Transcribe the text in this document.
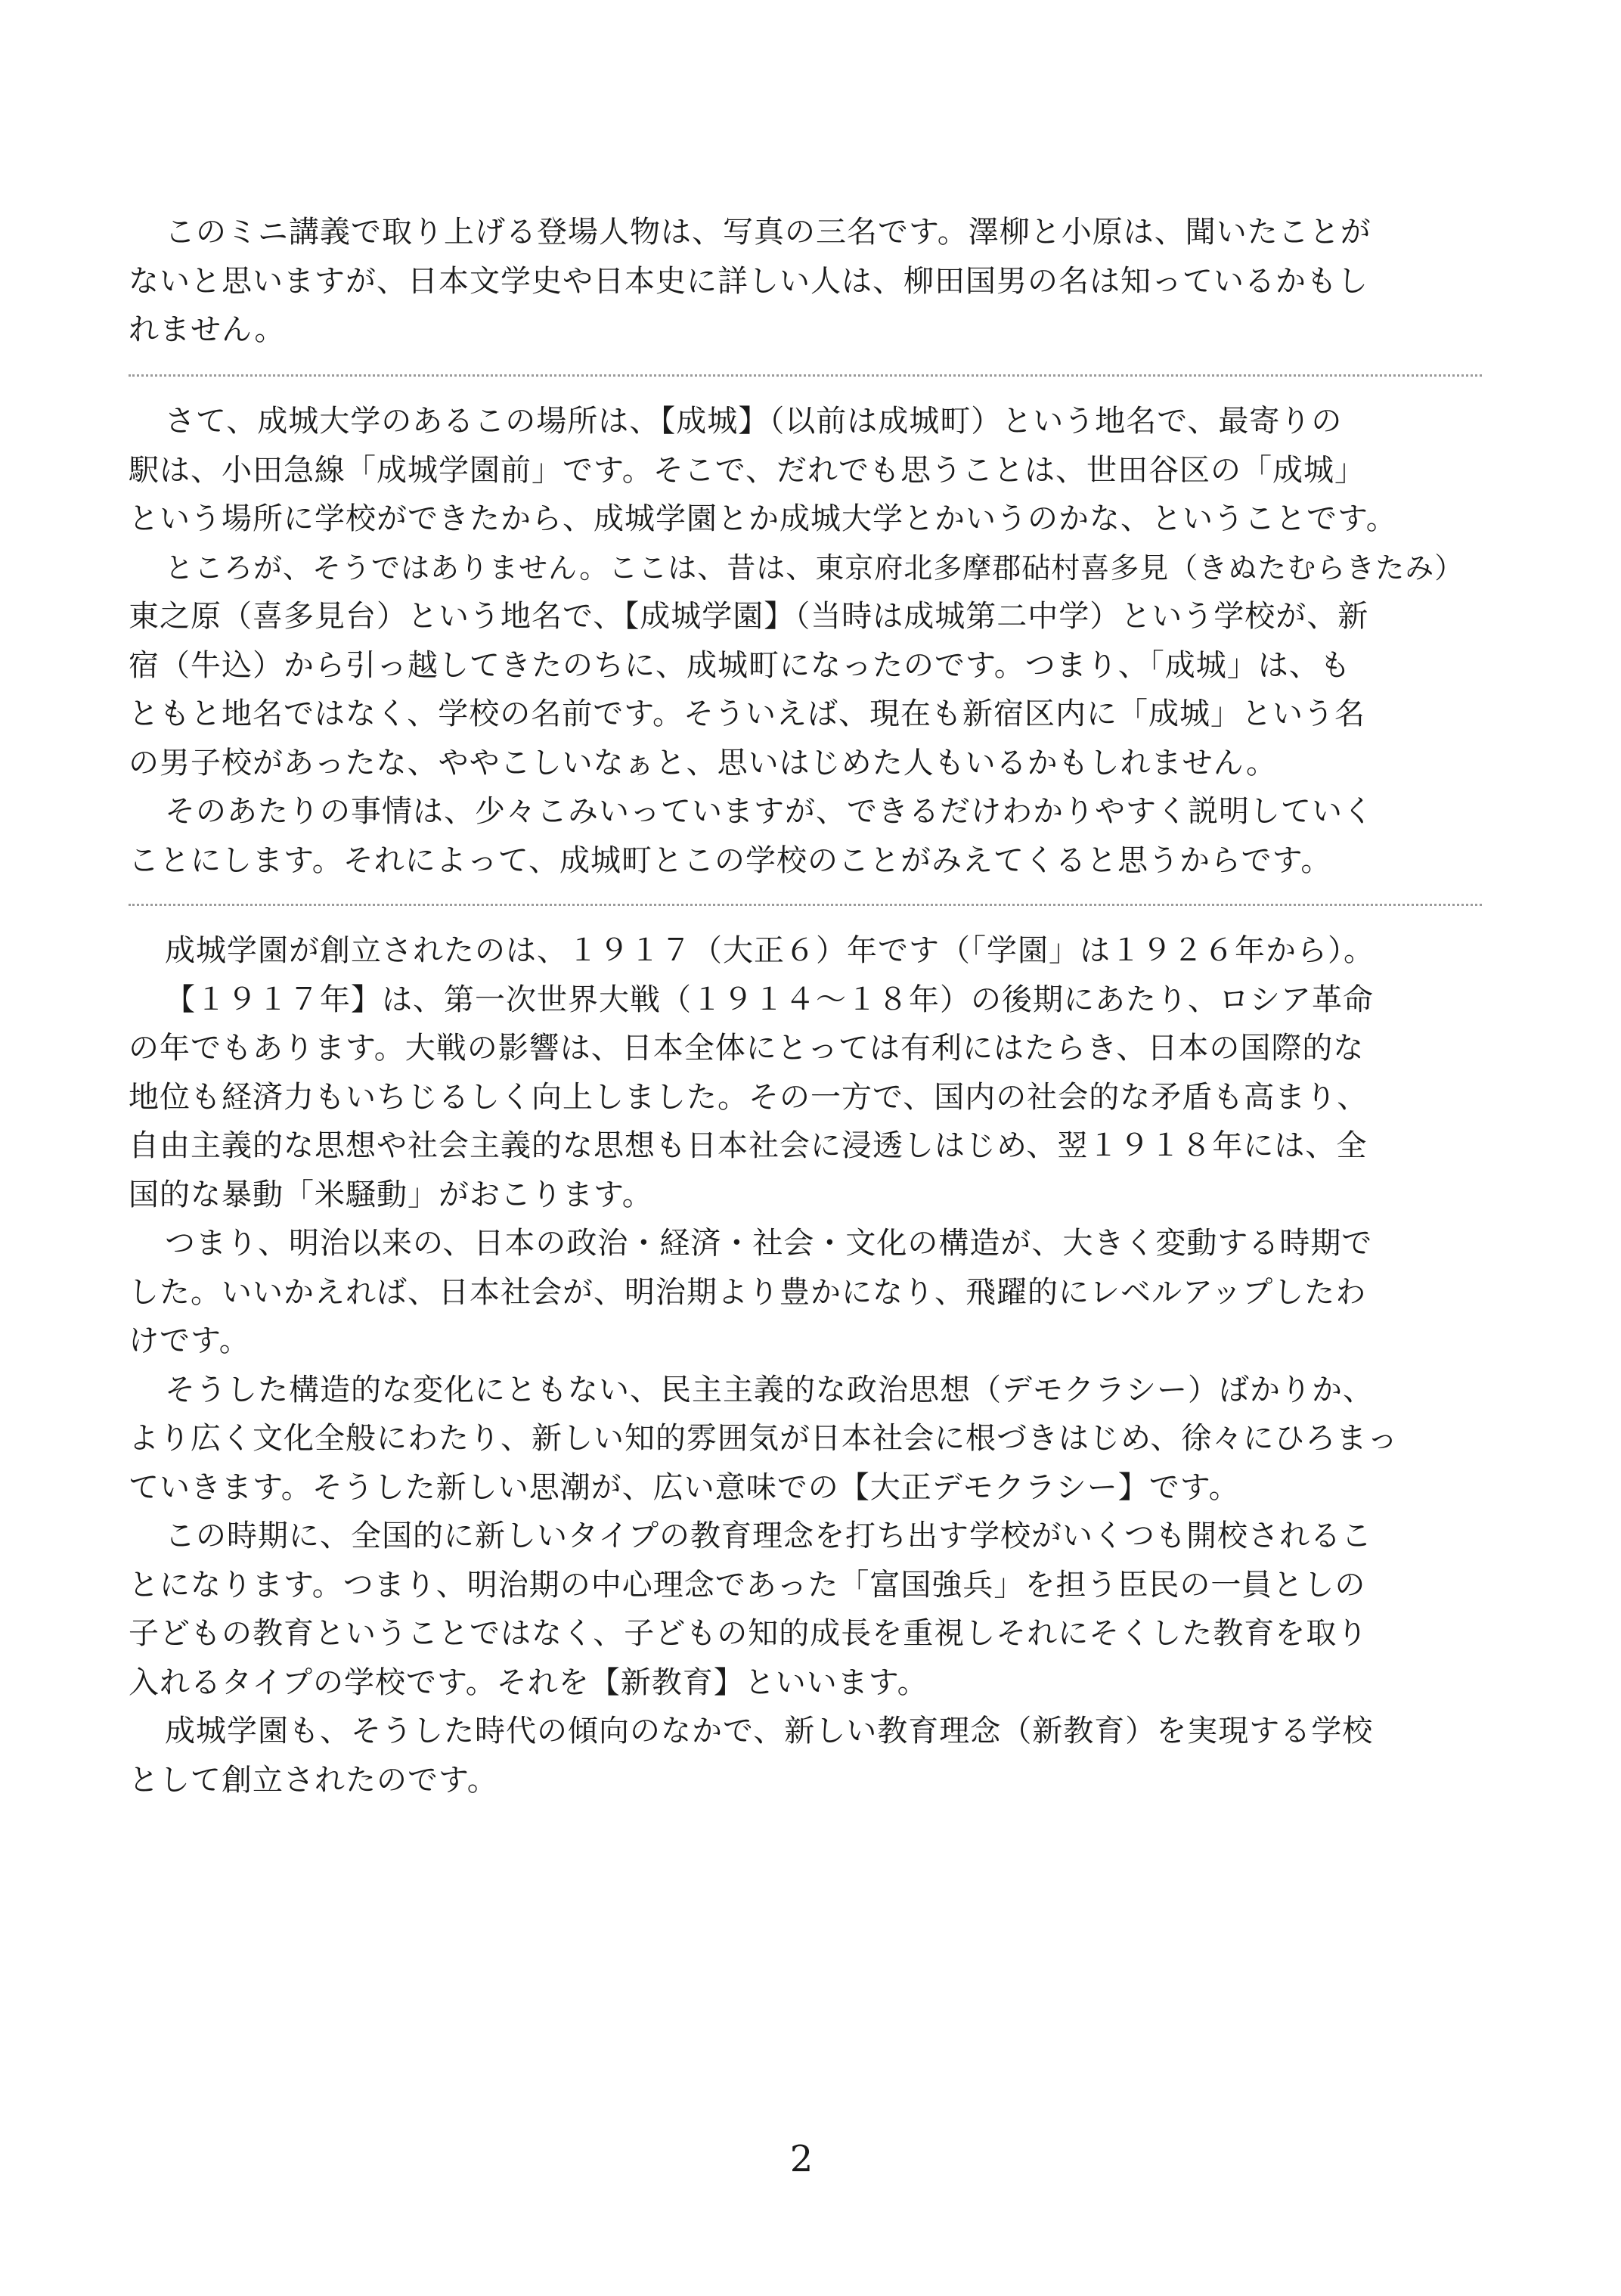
このミニ講義で取り上げる登場人物は、写真の三名です。澤柳と小原は、聞いたことが
ないと思いますが、日本文学史や日本史に詳しい人は、柳田国男の名は知っているかもし
れません。
さて、成城大学のあるこの場所は、【成城】（以前は成城町）という地名で、最寄りの
駅は、小田急線「成城学園前」です。そこで、だれでも思うことは、世田谷区の「成城」
という場所に学校ができたから、成城学園とか成城大学とかいうのかな、ということです。
ところが、そうではありません。ここは、昔は、東京府北多摩郡砧村喜多見（きぬたむらきたみ）
東之原（喜多見台）という地名で、【成城学園】（当時は成城第二中学）という学校が、新
宿（牛込）から引っ越してきたのちに、成城町になったのです。つまり、「成城」は、も
ともと地名ではなく、学校の名前です。そういえば、現在も新宿区内に「成城」という名
の男子校があったな、ややこしいなぁと、思いはじめた人もいるかもしれません。
そのあたりの事情は、少々こみいっていますが、できるだけわかりやすく説明していく
ことにします。それによって、成城町とこの学校のことがみえてくると思うからです。
成城学園が創立されたのは、１９１７（大正６）年です（「学園」は１９２６年から）。
【１９１７年】は、第一次世界大戦（１９１４～１８年）の後期にあたり、ロシア革命
の年でもあります。大戦の影響は、日本全体にとっては有利にはたらき、日本の国際的な
地位も経済力もいちじるしく向上しました。その一方で、国内の社会的な矛盾も高まり、
自由主義的な思想や社会主義的な思想も日本社会に浸透しはじめ、翌１９１８年には、全
国的な暴動「米騒動」がおこります。
つまり、明治以来の、日本の政治・経済・社会・文化の構造が、大きく変動する時期で
した。いいかえれば、日本社会が、明治期より豊かになり、飛躍的にレベルアップしたわ
けです。
そうした構造的な変化にともない、民主主義的な政治思想（デモクラシー）ばかりか、
より広く文化全般にわたり、新しい知的雰囲気が日本社会に根づきはじめ、徐々にひろまっ
ていきます。そうした新しい思潮が、広い意味での【大正デモクラシー】です。
この時期に、全国的に新しいタイプの教育理念を打ち出す学校がいくつも開校されるこ
とになります。つまり、明治期の中心理念であった「富国強兵」を担う臣民の一員としの
子どもの教育ということではなく、子どもの知的成長を重視しそれにそくした教育を取り
入れるタイプの学校です。それを【新教育】といいます。
成城学園も、そうした時代の傾向のなかで、新しい教育理念（新教育）を実現する学校
として創立されたのです。
2
